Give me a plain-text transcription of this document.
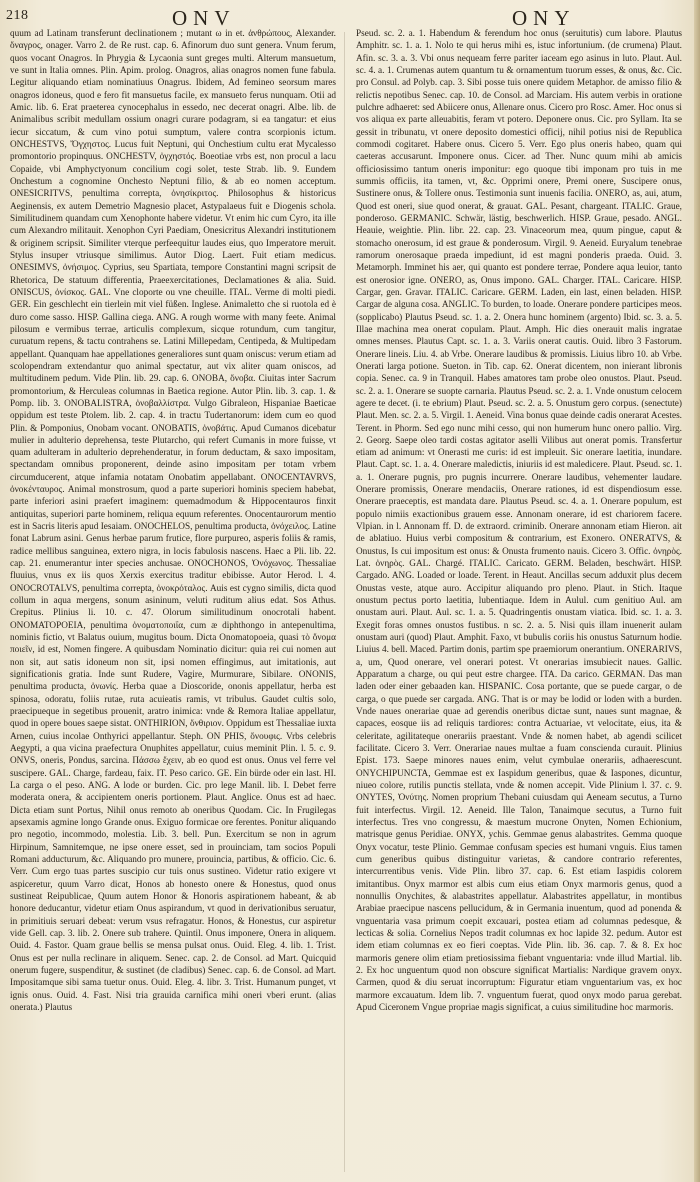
218	ONV	ONY

quum ad Latinam transferunt declinationem ; mutant ω in et. ἀνθρώπους, Alexander. ὄναγρος, onager. Varro 2. de Re rust. cap. 6. Afinorum duo sunt genera. Vnum ferum, quos vocant Onagros. In Phrygia & Lycaonia sunt greges multi. Alterum mansuetum, ve sunt in Italia omnes. Plin. Apim. prolog. Onagros, alias onagros nomen fune fabula. Legitur aliquando etiam nominatiuus Onagrus. Ibidem, Ad femineo seorsum mares onagros idoneus, quod e fero fit mansuetus facile, ex mansueto ferus nunquam. Otii ad Amic. lib. 6. Erat praeterea cynocephalus in essedo, nec decerat onagri. Albe. lib. de Animalibus scribit medullam ossium onagri curare podagram, si ea tangatur: et eius iecur siccatum, & cum vino potui sumptum, valere contra scorpionis ictum. ONCHESTVS, Ὄγχηστος. Lucus fuit Neptuni, qui Onchestium cultu erat Mycalesso promontorio propinquus. ONCHESTV, ὀγχηστός. Boeotiae vrbs est, non procul a lacu Copaide, vbi Amphyctyonum concilium cogi solet, teste Strab. lib. 9. Eundem Onchestum a cognomine Onchesto Neptuni filio, & ab eo nomen acceptum. ONESICRITVS, penultima correpta, ὀνησίκριτος. Philosophus & historicus Aeginensis, ex autem Demetrio Magnesio placet, Astypalaeus fuit e Diogenis schola. Similitudinem quandam cum Xenophonte habere videtur. Vt enim hic cum Cyro, ita ille cum Alexandro militauit. Xenophon Cyri Paediam, Onesicritus Alexandri institutionem & originem scripsit. Similiter vterque perfeequitur laudes eius, quo Imperatore meruit. Stylus insuper vtriusque similimus. Autor Diog. Laert. Fuit etiam medicus. ONESIMVS, ὀνήσιμος. Cyprius, seu Spartiata, tempore Constantini magni scripsit de Rhetorica, De statuum differentia, Praeexercitationes, Declamationes & alia. Suid. ONISCUS, ὀνίσκος. GAL. Vne cloporte ou vne cheuille. ITAL. Verme di molti piedi. GER. Ein geschlecht ein tierlein mit viel füßen. Inglese. Animaletto che si ruotola ed è duro come sasso. HISP. Gallina ciega. ANG. A rough worme with many feete. Animal pilosum e vermibus terrae, articulis complexum, sicque rotundum, cum tangitur, curuatum repens, & tactu contrahens se. Latini Millepedam, Centipeda, & Multipedam appellant. Quanquam hae appellationes generaliores sunt quam oniscus: verum etiam ad scolopendram extendantur quo animal spectatur, aut vix aliter quam oniscos, ad multitudinem pedum. Vide Plin. lib. 29. cap. 6. ONOBA, ὄνοβα. Ciuitas inter Sacrum promontorium, & Herculeas columnas in Baetica regione. Autor Plin. lib. 3. cap. 1. & Pomp. lib. 3. ONOBALISTRA, ὀνοβαλλίστρα. Vulgo Gibraleon, Hispaniae Baeticae oppidum est teste Ptolem. lib. 2. cap. 4. in tractu Tudertanorum: idem cum eo quod Plin. & Pomponius, Onobam vocant. ONOBATIS, ὀνοβάτις. Apud Cumanos dicebatur mulier in adulterio deprehensa, teste Plutarcho, qui refert Cumanis in more fuisse, vt quam adulteram in adulterio deprehenderatur, in forum deductam, & saxo impositam, spectandam omnibus proponerent, deinde asino impositam per totam vrbem circumducerent, atque infamia notatam Onobatim appellabant. ONOCENTAVRVS, ὀνοκένταυρος. Animal monstrosum, quod a parte superiori hominis speciem habebat, parte inferiori asini praefert imaginem: quemadmodum & Hippocentauros finxit antiquitas, superiori parte hominem, reliqua equum referentes. Onocentaurorum mentio est in Sacris literis apud Iesaiam. ONOCHELOS, penultima producta, ὀνόχειλος. Latine fonat Labrum asini. Genus herbae parum frutice, flore purpureo, asperis foliis & ramis, radice mellibus sanguinea, extero nigra, in locis fabulosis nascens. Haec a Pli. lib. 22. cap. 21. enumerantur inter species anchusae. ONOCHONOS, Ὀνόχωνος. Thessaliae fluuius, vnus ex iis quos Xerxis exercitus traditur ebibisse. Autor Herod. l. 4. ONOCROTALVS, penultima correpta, ὀνοκρόταλος. Auis est cygno similis, dicta quod collum in aqua mergens, sonum asininum, veluti ruditum alius edat. Sos Athus. Crepitus. Plinius li. 10. c. 47. Olorum similitudinum onocrotali habent. ONOMATOPOEIA, penultima ὀνοματοποιΐα, cum æ diphthongo in antepenultima, nominis fictio, vt Balatus ouium, mugitus boum. Dicta Onomatopoeia, quasi τὸ ὄνομα ποιεῖν, id est, Nomen fingere. A quibusdam Nominatio dicitur: quia rei cui nomen aut non sit, aut satis idoneum non sit, ipsi nomen effingimus, aut imitationis, aut significationis gratia. Inde sunt Rudere, Vagire, Murmurare, Sibilare. ONONIS, penultima producta, ὀνωνίς. Herba quae a Dioscoride, ononis appellatur, herba est spinosa, odoratu, foliis rutae, ruta acuieatis ramis, vt tribulus. Gaudet cultis solo, praecipueque in segetibus prouenit, aratro inimica: vnde & Remora Italiae appellatur, quod in opere boues saepe sistat. ONTHIRION, ὄνθιριον. Oppidum est Thessaliae iuxta Arnen, cuius incolae Onthyrici appellantur. Steph. ON PHIS, ὄνουφις. Vrbs celebris Aegypti, a qua vicina praefectura Onuphites appellatur, cuius meminit Plin. l. 5. c. 9. ONVS, oneris, Pondus, sarcina. Πάσσω ἔχειν, ab eo quod est onus. Onus vel ferre vel suscipere. GAL. Charge, fardeau, faix. IT. Peso carico. GE. Ein bürde oder ein last. HI. La carga o el peso. ANG. A lode or burden. Cic. pro lege Manil. lib. I. Debet ferre moderata onera, & accipientem oneris portionem. Plaut. Anglice. Onus est ad haec. Dicta etiam sunt Portus, Nihil onus remoto ab oneribus Quodam. Cic. In Frugilegas apsexamis agmine longo Grande onus. Exiguo formicae ore ferentes. Ponitur aliquando pro negotio, incommodo, molestia. Lib. 3. bell. Pun. Exercitum se non in agrum Hirpinum, Samnitemque, ne ipse onere esset, sed in prouinciam, tam socios Populi Romani adducturum, &c. Aliquando pro munere, prouincia, partibus, & officio. Cic. 6. Verr. Cum ergo tuas partes suscipio cur tuis onus sustineo. Videtur ratio exigere vt aspiceretur, quum Varro dicat, Honos ab honesto onere & Honestus, quod onus sustineat Reipublicae, Quum autem Honor & Honoris aspirationem habeant, & ab honore deducantur, videtur etiam Onus aspirandum, vt quod in derivationibus seruatur, in primitiuis seruari debeat: verum vsus refragatur. Honos, & Honestus, cur aspiretur vide Gell. cap. 3. lib. 2. Onere sub trahere. Quintil. Onus imponere, Onera in aliquem. Ouid. 4. Fastor. Quam graue bellis se mensa pulsat onus. Ouid. Eleg. 4. lib. 1. Trist. Onus est per nulla reclinare in aliquem. Senec. cap. 2. de Consol. ad Mart. Quicquid onerum fugere, suspenditur, & sustinet (de cladibus) Senec. cap. 6. de Consol. ad Mart. Impositamque sibi sama tuetur onus. Ouid. Eleg. 4. libr. 3. Trist. Humanum punget, vt ignis onus. Ouid. 4. Fast. Nisi tria grauida carnifica mihi oneri vberi erunt. (alias onerata.) Plautus

Pseud. sc. 2. a. 1. Habendum & ferendum hoc onus (seruitutis) cum labore. Plautus Amphitr. sc. 1. a. 1. Nolo te qui herus mihi es, istuc infortunium. (de crumena) Plaut. Afin. sc. 3. a. 3. Vbi onus nequeam ferre pariter iaceam ego asinus in luto. Plaut. Aul. sc. 4. a. 1. Crumenas autem quantum tu & ornamentum tuorum esses, & onus, &c. Cic. pro Consul. ad Polyb. cap. 3. Sibi posse tuis onere quidem Metaphor. de amisso filio & relictis nepotibus Senec. cap. 10. de Consol. ad Marciam. His autem verbis in oratione pulchre adhaeret: sed Abiicere onus, Allenare onus. Cicero pro Rosc. Amer. Hoc onus si vos aliqua ex parte alleuabitis, feram vt potero. Deponere onus. Cic. pro Syllam. Ita se gessit in tribunatu, vt onere deposito domestici officij, nihil potius nisi de Republica commodi cogitaret. Habere onus. Cicero 5. Verr. Ego plus oneris habeo, quam qui caeteras accusarunt. Imponere onus. Cicer. ad Ther. Nunc quum mihi ab amicis officiosissimo tantum oneris imponitur: ego quoque tibi imponam pro tuis in me summis officiis, ita tamen, vt, &c. Opprimi onere, Premi onere, Suscipere onus, Sustinere onus, & Tollere onus. Testimonia sunt inuenis facilia. ONERO, as, aui, atum, Quod est oneri, siue quod onerat, & grauat. GAL. Pesant, chargeant. ITALIC. Graue, ponderoso. GERMANIC. Schwär, lästig, beschwerlich. HISP. Graue, pesado. ANGL. Heauie, weightie. Plin. libr. 22. cap. 23. Vinaceorum mea, quum pingue, caput & stomacho onerosum, id est graue & ponderosum. Virgil. 9. Aeneid. Euryalum tenebrae ramorum onerosaque praeda impediunt, id est magni ponderis praeda. Ouid. 3. Metamorph. Imminet his aer, qui quanto est pondere terrae, Pondere aqua leuior, tanto est onerosior igne. ONERO, as, Onus impono. GAL. Charger. ITAL. Caricare. HISP. Cargar, gen. Gravar. ITALIC. Caricare. GERM. Laden, ein last, einen beladen. HISP. Cargar de alguna cosa. ANGLIC. To burden, to loade. Onerare pondere participes meos. (sopplicabo) Plautus Pseud. sc. 1. a. 2. Onera hunc hominem (argento) Ibid. sc. 3. a. 5. Illae machina mea onerat copulam. Plaut. Amph. Hic dies onerauit malis ingratae omnes menses. Plautus Capt. sc. 1. a. 3. Variis onerat cautis. Ouid. libro 3 Fastorum. Onerare lineis. Liu. 4. ab Vrbe. Onerare laudibus & promissis. Liuius libro 10. ab Vrbe. Onerati larga potione. Sueton. in Tib. cap. 62. Onerat dicentem, non inierant libronis copia. Senec. ca. 9 in Tranquil. Habes amatores tam probe oleo onustos. Plaut. Pseud. sc. 2. a. 1. Onerare se suopte carnaria. Plautus Pseud. sc. 2. a. 1. Vnde onustum celocem agere te decet. (i. te ebrium) Plaut. Pseud. sc. 2. a. 5. Onustum gero corpus. (senectute) Plaut. Men. sc. 2. a. 5. Virgil. 1. Aeneid. Vina bonus quae deinde cadis onerarat Acestes. Terent. in Phorm. Sed ego nunc mihi cesso, qui non humerum hunc onero pallio. Virg. 2. Georg. Saepe oleo tardi costas agitator aselli Vilibus aut onerat pomis. Transfertur etiam ad animum: vt Onerasti me curis: id est impleuit. Sic onerare laetitia, inundare. Plaut. Capt. sc. 1. a. 4. Onerare maledictis, iniuriis id est maledicere. Plaut. Pseud. sc. 1. a. 1. Onerare pugnis, pro pugnis incurrere. Onerare laudibus, vehementer laudare. Onerare promissis, Onerare mendaciis, Onerare rationes, id est dispendiosum esse. Onerare praeceptis, est mandata dare. Plautus Pseud. sc. 4. a. 1. Onerare populum, est populo nimiis exactionibus grauem esse. Annonam onerare, id est chariorem facere. Vlpian. in l. Annonam ff. D. de extraord. criminib. Onerare annonam etiam Hieron. ait de ablatiuo. Huius verbi compositum & contrarium, est Exonero. ONERATVS, & Onustus, Is cui impositum est onus: & Onusta frumento nauis. Cicero 3. Offic. ὀνηρὸς. Lat. ὀνηρὸς. GAL. Chargé. ITALIC. Caricato. GERM. Beladen, beschwärt. HISP. Cargado. ANG. Loaded or loade. Terent. in Heaut. Ancillas secum adduxit plus decem Onustas veste, atque auro. Accipitur aliquando pro pleno. Plaut. in Stich. Itaque onustum pectus porto laetitia, lubentiaque. Idem in Aulul. cum genitiuo Aul. am onustam auri. Plaut. Aul. sc. 1. a. 5. Quadringentis onustam viatica. Ibid. sc. 1. a. 3. Exegit foras omnes onustos fustibus. n sc. 2. a. 5. Nisi quis illam inuenerit aulam onustam auri (quod) Plaut. Amphit. Faxo, vt bubulis coriis his onustus Saturnum hodie. Liuius 4. bell. Maced. Partim donis, partim spe praemiorum onerantium. ONERARIVS, a, um, Quod onerare, vel onerari potest. Vt onerarias imsubiecit naues. Gallic. Apparatum a charge, ou qui peut estre chargee. ITA. Da carico. GERMAN. Das man laden oder einer gebaaden kan. HISPANIC. Cosa portante, que se puede cargar, o de carga, o que puede ser cargada. ANG. That is or may be lodid or loden with a burden. Vnde naues onerariae quae ad gerendis oneribus dictae sunt, naues sunt magnae, & capaces, eosque iis ad reliquis tardiores: contra Actuariae, vt velocitate, eius, ita & celeritate, agilitateque onerariis praestant. Vnde & nomen habet, ab agendi scilicet facilitate. Cicero 3. Verr. Onerariae naues multae a fuam conscienda curauit. Plinius Epist. 173. Saepe minores naues enim, velut cymbulae onerariis, adhaerescunt. ONYCHIPUNCTA, Gemmae est ex Iaspidum generibus, quae & Iaspones, dicuntur, niueo colore, rutilis punctis stellata, vnde & nomen accepit. Vide Plinium l. 37. c. 9. ONYTES, Ὀνύτης. Nomen proprium Thebani cuiusdam qui Aeneam secutus, a Turno fuit interfectus. Virgil. 12. Aeneid. Ille Talon, Tanaimque secutus, a Turno fuit interfectus. Tres vno congressu, & maestum mucrone Onyten, Nomen Echionium, matrisque genus Peridiae. ONYX, ychis. Gemmae genus alabastrites. Gemma quoque Onyx vocatur, teste Plinio. Gemmae confusam species est humani vnguis. Eius tamen cum generibus quibus distinguitur varietas, & candore contrario referentes, intercurrentibus venis. Vide Plin. libro 37. cap. 6. Est etiam Iaspidis colorem imitantibus. Onyx marmor est albis cum eius etiam Onyx marmoris genus, quod a nonnullis Onychites, & alabastrites appellatur. Alabastrites appellatur, in montibus Arabiae praecipue nascens pellucidum, & in Germania inuentum, quod ad ponenda & vnguentaria vasa primum coepit excauari, postea etiam ad columnas pedesque, & lecticas & solia. Cornelius Nepos tradit columnas ex hoc lapide 32. pedum. Autor est idem etiam columnas ex eo fieri coeptas. Vide Plin. lib. 36. cap. 7. & 8. Ex hoc marmoris genere olim etiam pretiosissima fiebant vnguentaria: vnde illud Martial. lib. 2. Ex hoc unguentum quod non obscure significat Martialis: Nardique gravem onyx. Carmen, quod & diu seruat incorruptum: Figuratur etiam vnguentarium vas, ex hoc marmore excauatum. Idem lib. 7. vnguentum fuerat, quod onyx modo parua gerebat. Apud Ciceronem Vngue propriae magis significat, a cuius similitudine hoc marmoris.
